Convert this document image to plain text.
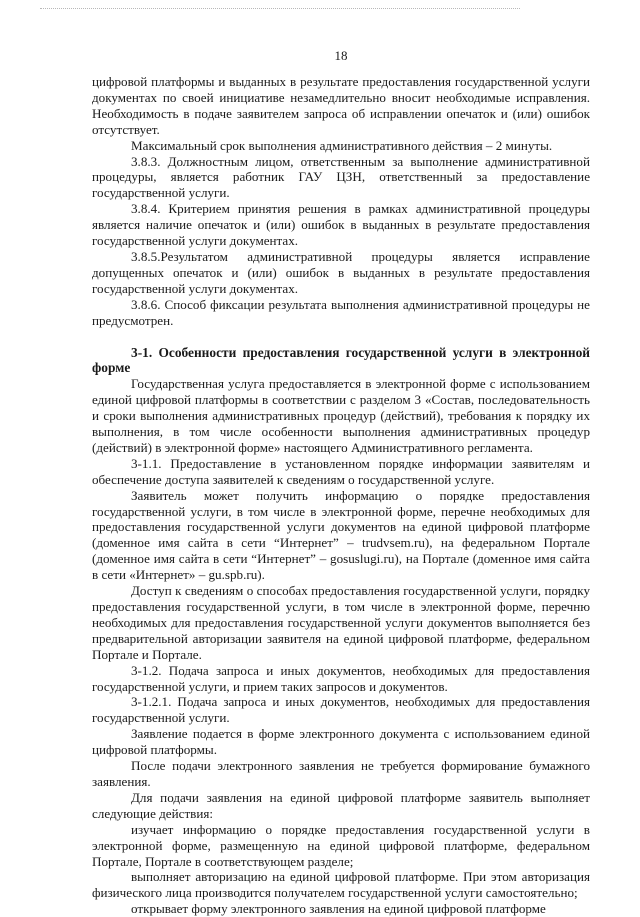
18

цифровой платформы и выданных в результате предоставления государственной услуги документах по своей инициативе незамедлительно вносит необходимые исправления. Необходимость в подаче заявителем запроса об исправлении опечаток и (или) ошибок отсутствует.

Максимальный срок выполнения административного действия – 2 минуты.

3.8.3. Должностным лицом, ответственным за выполнение административной процедуры, является работник ГАУ ЦЗН, ответственный за предоставление государственной услуги.

3.8.4. Критерием принятия решения в рамках административной процедуры является наличие опечаток и (или) ошибок в выданных в результате предоставления государственной услуги документах.

3.8.5.Результатом административной процедуры является исправление допущенных опечаток и (или) ошибок в выданных в результате предоставления государственной услуги документах.

3.8.6. Способ фиксации результата выполнения административной процедуры не предусмотрен.

3-1. Особенности предоставления государственной услуги в электронной форме

Государственная услуга предоставляется в электронной форме с использованием единой цифровой платформы в соответствии с разделом 3 «Состав, последовательность и сроки выполнения административных процедур (действий), требования к порядку их выполнения, в том числе особенности выполнения административных процедур (действий) в электронной форме» настоящего Административного регламента.

3-1.1. Предоставление в установленном порядке информации заявителям и обеспечение доступа заявителей к сведениям о государственной услуге.

Заявитель может получить информацию о порядке предоставления государственной услуги, в том числе в электронной форме, перечне необходимых для предоставления государственной услуги документов на единой цифровой платформе (доменное имя сайта в сети “Интернет” – trudvsem.ru), на федеральном Портале (доменное имя сайта в сети “Интернет” – gosuslugi.ru), на Портале (доменное имя сайта в сети «Интернет» – gu.spb.ru).

Доступ к сведениям о способах предоставления государственной услуги, порядку предоставления государственной услуги, в том числе в электронной форме, перечню необходимых для предоставления государственной услуги документов выполняется без предварительной авторизации заявителя на единой цифровой платформе, федеральном Портале и Портале.

3-1.2. Подача запроса и иных документов, необходимых для предоставления государственной услуги, и прием таких запросов и документов.

3-1.2.1. Подача запроса и иных документов, необходимых для предоставления государственной услуги.

Заявление подается в форме электронного документа с использованием единой цифровой платформы.

После подачи электронного заявления не требуется формирование бумажного заявления.

Для подачи заявления на единой цифровой платформе заявитель выполняет следующие действия:

изучает информацию о порядке предоставления государственной услуги в электронной форме, размещенную на единой цифровой платформе, федеральном Портале, Портале в соответствующем разделе;

выполняет авторизацию на единой цифровой платформе. При этом авторизация физического лица производится получателем государственной услуги самостоятельно;

открывает форму электронного заявления на единой цифровой платформе
